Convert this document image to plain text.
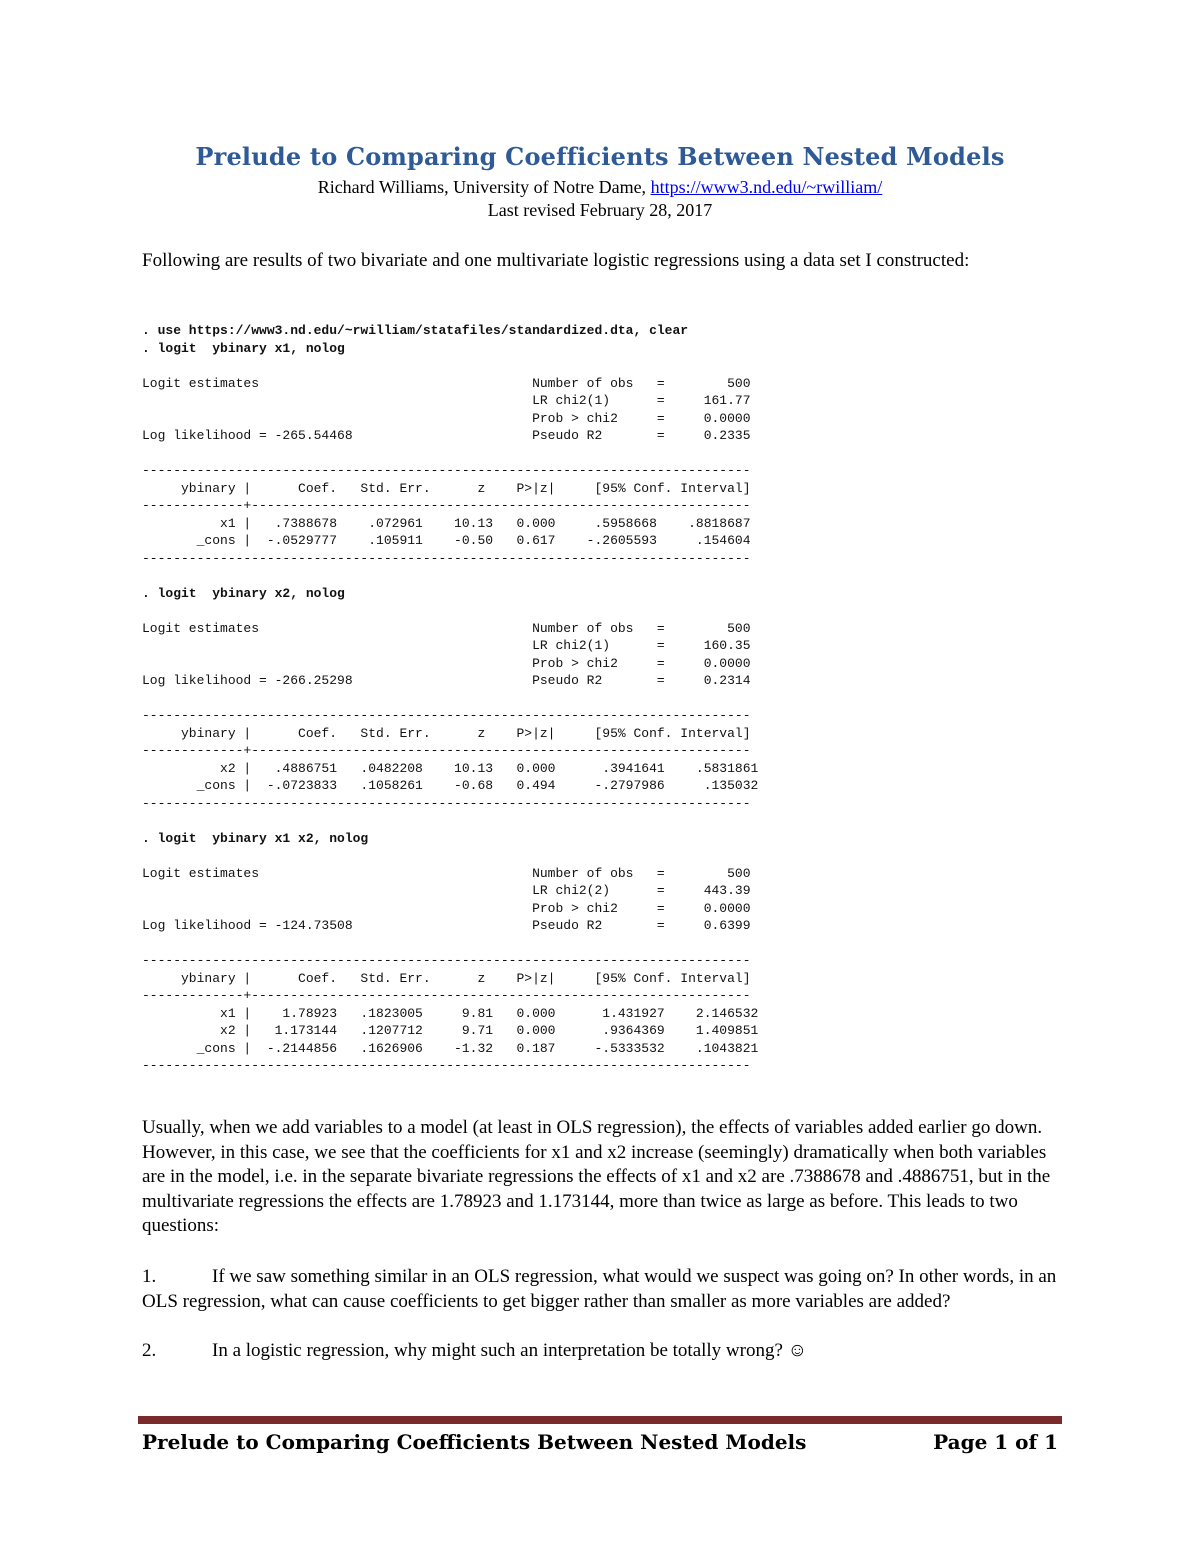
Prelude to Comparing Coefficients Between Nested Models
Richard Williams, University of Notre Dame, https://www3.nd.edu/~rwilliam/
Last revised February 28, 2017
Following are results of two bivariate and one multivariate logistic regressions using a data set I constructed:
. use https://www3.nd.edu/~rwilliam/statafiles/standardized.dta, clear
. logit  ybinary x1, nolog

Logit estimates                                   Number of obs   =        500
LR chi2(1)      =     161.77
Prob > chi2     =     0.0000
Log likelihood = -265.54468                       Pseudo R2       =     0.2335

------------------------------------------------------------------------------
ybinary |      Coef.   Std. Err.      z    P>|z|     [95% Conf. Interval]
-------------+----------------------------------------------------------------
x1 |   .7388678    .072961    10.13   0.000     .5958668    .8818687
_cons |  -.0529777    .105911    -0.50   0.617    -.2605593     .154604
------------------------------------------------------------------------------

. logit  ybinary x2, nolog

Logit estimates                                   Number of obs   =        500
LR chi2(1)      =     160.35
Prob > chi2     =     0.0000
Log likelihood = -266.25298                       Pseudo R2       =     0.2314

------------------------------------------------------------------------------
ybinary |      Coef.   Std. Err.      z    P>|z|     [95% Conf. Interval]
-------------+----------------------------------------------------------------
x2 |   .4886751   .0482208    10.13   0.000      .3941641    .5831861
_cons |  -.0723833   .1058261    -0.68   0.494     -.2797986     .135032
------------------------------------------------------------------------------

. logit  ybinary x1 x2, nolog

Logit estimates                                   Number of obs   =        500
LR chi2(2)      =     443.39
Prob > chi2     =     0.0000
Log likelihood = -124.73508                       Pseudo R2       =     0.6399

------------------------------------------------------------------------------
ybinary |      Coef.   Std. Err.      z    P>|z|     [95% Conf. Interval]
-------------+----------------------------------------------------------------
x1 |    1.78923   .1823005     9.81   0.000      1.431927    2.146532
x2 |   1.173144   .1207712     9.71   0.000      .9364369    1.409851
_cons |  -.2144856   .1626906    -1.32   0.187     -.5333532    .1043821
------------------------------------------------------------------------------
Usually, when we add variables to a model (at least in OLS regression), the effects of variables added earlier go down. However, in this case, we see that the coefficients for x1 and x2 increase (seemingly) dramatically when both variables are in the model, i.e. in the separate bivariate regressions the effects of x1 and x2 are .7388678 and .4886751, but in the multivariate regressions the effects are 1.78923 and 1.173144, more than twice as large as before. This leads to two questions:
1.	If we saw something similar in an OLS regression, what would we suspect was going on? In other words, in an OLS regression, what can cause coefficients to get bigger rather than smaller as more variables are added?
2.	In a logistic regression, why might such an interpretation be totally wrong? ☺
Prelude to Comparing Coefficients Between Nested Models	Page 1 of 1
